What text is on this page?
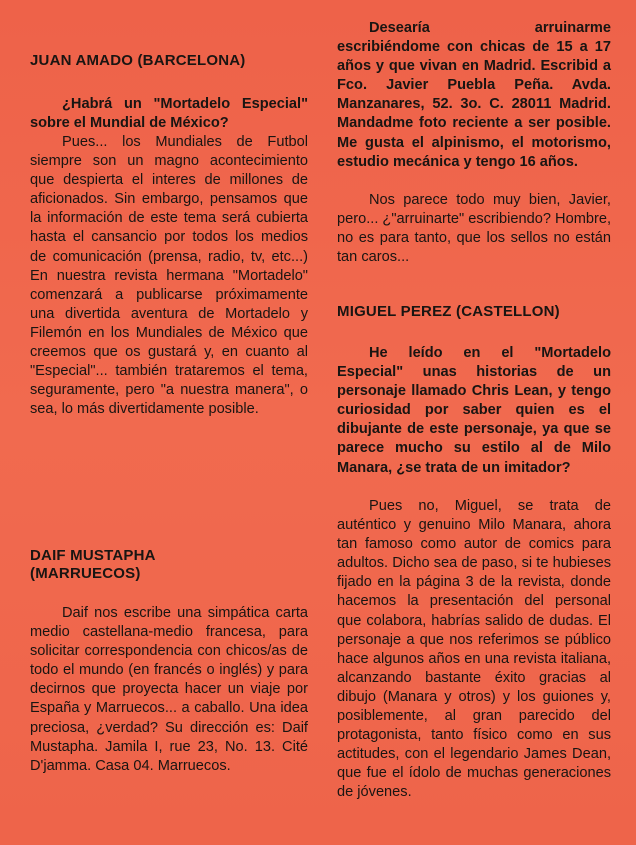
JUAN AMADO (BARCELONA)

¿Habrá un "Mortadelo Especial" sobre el Mundial de México?

Pues... los Mundiales de Futbol siempre son un magno acontecimiento que despierta el interes de millones de aficionados. Sin embargo, pensamos que la información de este tema será cubierta hasta el cansancio por todos los medios de comunicación (prensa, radio, tv, etc...) En nuestra revista hermana "Mortadelo" comenzará a publicarse próximamente una divertida aventura de Mortadelo y Filemón en los Mundiales de México que creemos que os gustará y, en cuanto al "Especial"... también trataremos el tema, seguramente, pero "a nuestra manera", o sea, lo más divertidamente posible.

DAIF MUSTAPHA
(MARRUECOS)

Daif nos escribe una simpática carta medio castellana-medio francesa, para solicitar correspondencia con chicos/as de todo el mundo (en francés o inglés) y para decirnos que proyecta hacer un viaje por España y Marruecos... a caballo. Una idea preciosa, ¿verdad? Su dirección es: Daif Mustapha. Jamila I, rue 23, No. 13. Cité D'jamma. Casa 04. Marruecos.

Desearía arruinarme escribiéndome con chicas de 15 a 17 años y que vivan en Madrid. Escribid a Fco. Javier Puebla Peña. Avda. Manzanares, 52. 3o. C. 28011 Madrid. Mandadme foto reciente a ser posible. Me gusta el alpinismo, el motorismo, estudio mecánica y tengo 16 años.

Nos parece todo muy bien, Javier, pero... ¿"arruinarte" escribiendo? Hombre, no es para tanto, que los sellos no están tan caros...

MIGUEL PEREZ (CASTELLON)

He leído en el "Mortadelo Especial" unas historias de un personaje llamado Chris Lean, y tengo curiosidad por saber quien es el dibujante de este personaje, ya que se parece mucho su estilo al de Milo Manara, ¿se trata de un imitador?

Pues no, Miguel, se trata de auténtico y genuino Milo Manara, ahora tan famoso como autor de comics para adultos. Dicho sea de paso, si te hubieses fijado en la página 3 de la revista, donde hacemos la presentación del personal que colabora, habrías salido de dudas. El personaje a que nos referimos se público hace algunos años en una revista italiana, alcanzando bastante éxito gracias al dibujo (Manara y otros) y los guiones y, posiblemente, al gran parecido del protagonista, tanto físico como en sus actitudes, con el legendario James Dean, que fue el ídolo de muchas generaciones de jóvenes.
